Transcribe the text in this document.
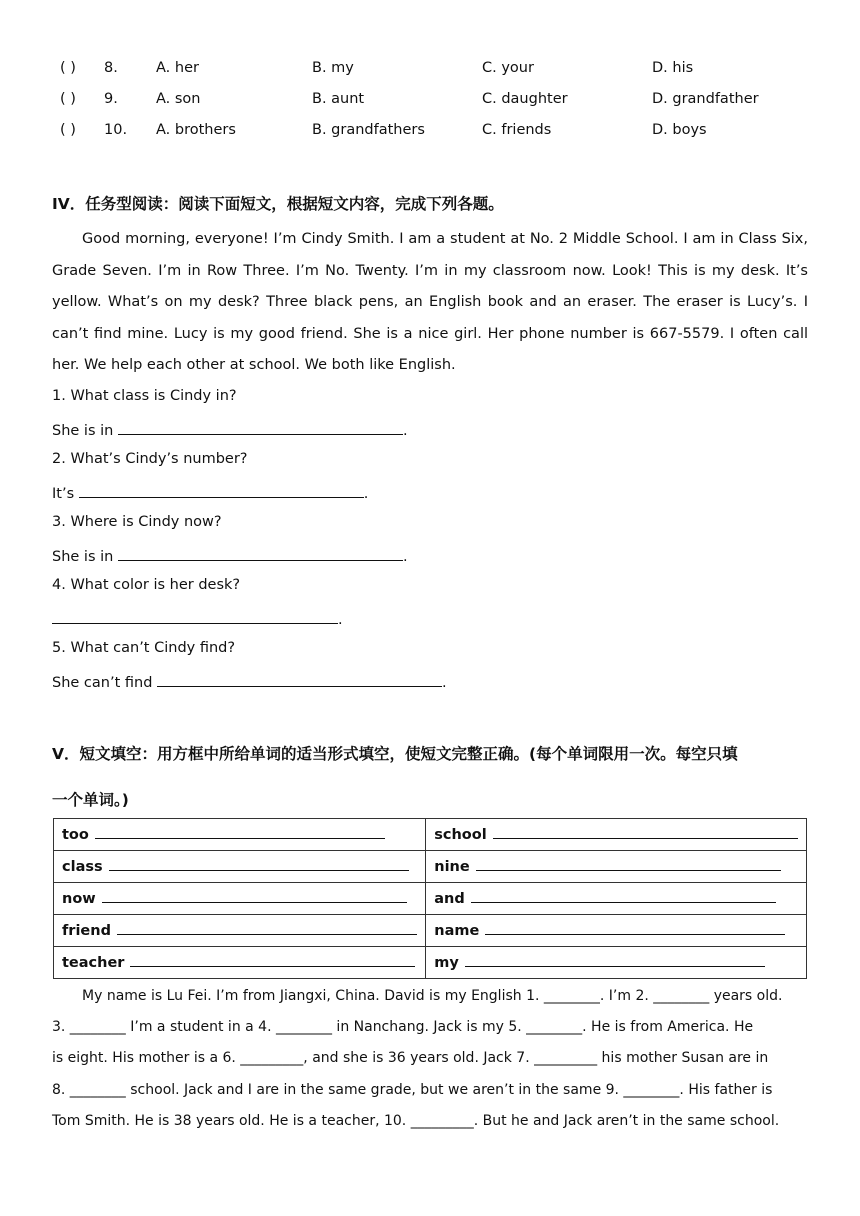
( ) 8.	A. her	B. my	C. your	D. his
( ) 9.	A. son	B. aunt	C. daughter	D. grandfather
( ) 10. A. brothers	B. grandfathers	C. friends	D. boys
IV．任务型阅读：阅读下面短文，根据短文内容，完成下列各题。

Good morning, everyone! I’m Cindy Smith. I am a student at No. 2 Middle School. I am in Class Six, Grade Seven. I’m in Row Three. I’m No. Twenty. I’m in my classroom now. Look! This is my desk. It’s yellow. What’s on my desk? Three black pens, an English book and an eraser. The eraser is Lucy’s. I can’t find mine. Lucy is my good friend. She is a nice girl. Her phone number is 667-5579. I often call her. We help each other at school. We both like English.

1. What class is Cindy in?
She is in	.
2. What’s Cindy’s number?
It’s	.
3. Where is Cindy now?
She is in	.
4. What color is her desk?
.
5. What can’t Cindy find?
She can’t find	.
V．短文填空：用方框中所给单词的适当形式填空，使短文完整正确。(每个单词限用一次。每空只填
一个单词。)
too	school
class	nine
now	and
friend	name
teacher	my
My name is Lu Fei. I’m from Jiangxi, China. David is my English 1. ________. I’m 2. ________ years old.
3. ________ I’m a student in a 4. ________ in Nanchang. Jack is my 5. ________. He is from America. He
is eight. His mother is a 6. _________, and she is 36 years old. Jack 7. _________ his mother Susan are in
8. ________ school. Jack and I are in the same grade, but we aren’t in the same 9. ________. His father is
Tom Smith. He is 38 years old. He is a teacher, 10. _________. But he and Jack aren’t in the same school.
